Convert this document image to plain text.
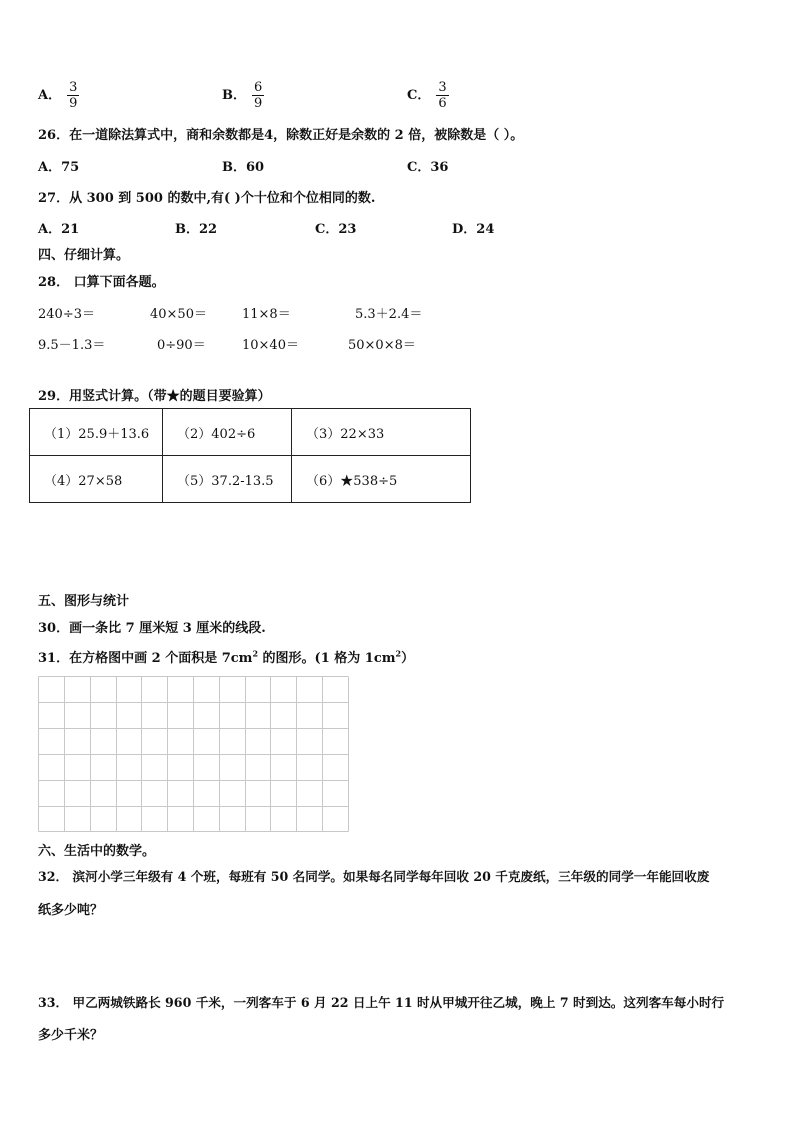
A． $\frac{3}{9}$	B． $\frac{6}{9}$	C． $\frac{3}{6}$
26．在一道除法算式中，商和余数都是4，除数正好是余数的 2 倍，被除数是（ ）。
A．75	B．60	C．36
27．从 300 到 500 的数中,有( )个十位和个位相同的数.
A．21	B．22	C．23	D．24
四、仔细计算。
28． 口算下面各题。
240÷3＝	40×50＝	11×8＝	5.3＋2.4＝
9.5－1.3＝	0÷90＝	10×40＝	50×0×8＝
29．用竖式计算。（带★的题目要验算）
（1）25.9＋13.6	（2）402÷6	（3）22×33
（4）27×58	（5）37.2-13.5	（6）★538÷5
五、图形与统计
30．画一条比 7 厘米短 3 厘米的线段.
31．在方格图中画 2 个面积是 $7cm^2$ 的图形。(1 格为 $1cm^2$）
六、生活中的数学。
32． 滨河小学三年级有 4 个班，每班有 50 名同学。如果每名同学每年回收 20 千克废纸，三年级的同学一年能回收废
纸多少吨？
33． 甲乙两城铁路长 960 千米，一列客车于 6 月 22 日上午 11 时从甲城开往乙城，晚上 7 时到达。这列客车每小时行
多少千米？
